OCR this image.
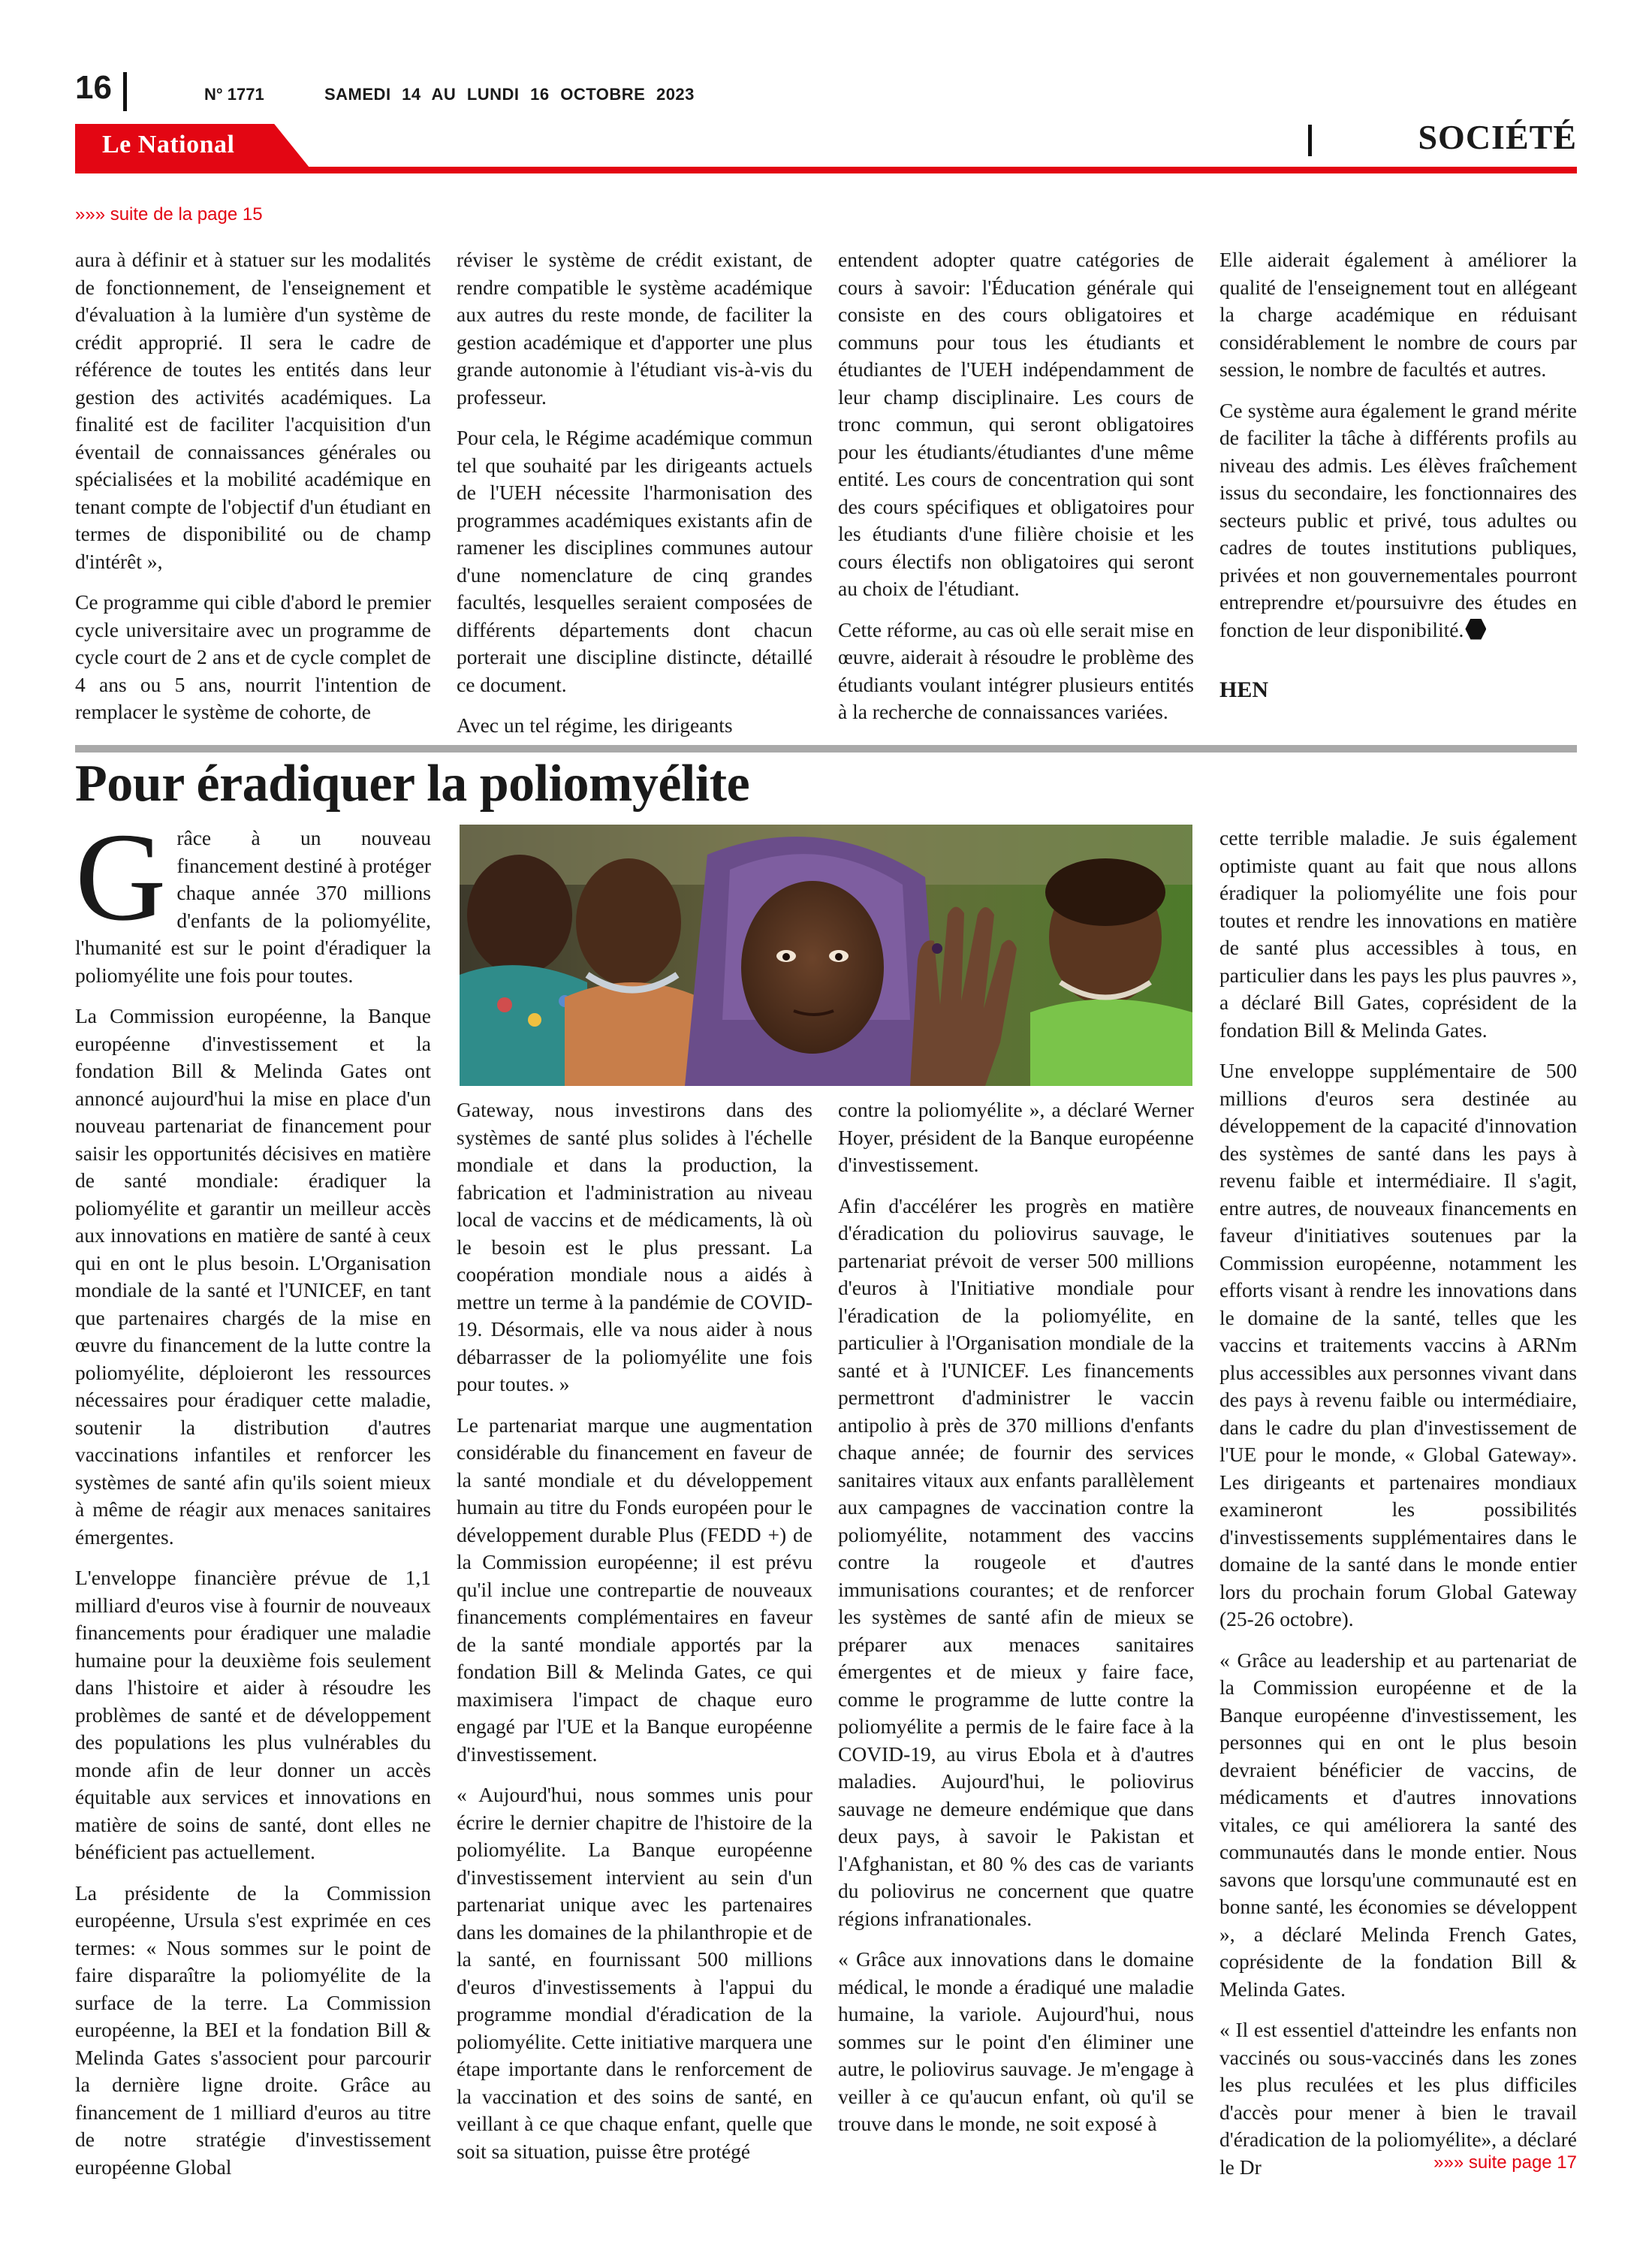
16	N° 1771	SAMEDI 14 AU LUNDI 16 OCTOBRE 2023
Le National	SOCIÉTÉ
»»» suite de la page 15

aura à définir et à statuer sur les modalités de fonctionnement, de l'enseignement et d'évaluation à la lumière d'un système de crédit approprié. Il sera le cadre de référence de toutes les entités dans leur gestion des activités académiques. La finalité est de faciliter l'acquisition d'un éventail de connaissances générales ou spécialisées et la mobilité académique en tenant compte de l'objectif d'un étudiant en termes de disponibilité ou de champ d'intérêt »,

Ce programme qui cible d'abord le premier cycle universitaire avec un programme de cycle court de 2 ans et de cycle complet de 4 ans ou 5 ans, nourrit l'intention de remplacer le système de cohorte, de

réviser le système de crédit existant, de rendre compatible le système académique aux autres du reste monde, de faciliter la gestion académique et d'apporter une plus grande autonomie à l'étudiant vis-à-vis du professeur.

Pour cela, le Régime académique commun tel que souhaité par les dirigeants actuels de l'UEH nécessite l'harmonisation des programmes académiques existants afin de ramener les disciplines communes autour d'une nomenclature de cinq grandes facultés, lesquelles seraient composées de différents départements dont chacun porterait une discipline distincte, détaillé ce document.

Avec un tel régime, les dirigeants

entendent adopter quatre catégories de cours à savoir: l'Éducation générale qui consiste en des cours obligatoires et communs pour tous les étudiants et étudiantes de l'UEH indépendamment de leur champ disciplinaire. Les cours de tronc commun, qui seront obligatoires pour les étudiants/étudiantes d'une même entité. Les cours de concentration qui sont des cours spécifiques et obligatoires pour les étudiants d'une filière choisie et les cours électifs non obligatoires qui seront au choix de l'étudiant.

Cette réforme, au cas où elle serait mise en œuvre, aiderait à résoudre le problème des étudiants voulant intégrer plusieurs entités à la recherche de connaissances variées.

Elle aiderait également à améliorer la qualité de l'enseignement tout en allégeant la charge académique en réduisant considérablement le nombre de cours par session, le nombre de facultés et autres.

Ce système aura également le grand mérite de faciliter la tâche à différents profils au niveau des admis. Les élèves fraîchement issus du secondaire, les fonctionnaires des secteurs public et privé, tous adultes ou cadres de toutes institutions publiques, privées et non gouvernementales pourront entreprendre et/poursuivre des études en fonction de leur disponibilité.

HEN
Pour éradiquer la poliomyélite

Grâce à un nouveau financement destiné à protéger chaque année 370 millions d'enfants de la poliomyélite, l'humanité est sur le point d'éradiquer la poliomyélite une fois pour toutes.

La Commission européenne, la Banque européenne d'investissement et la fondation Bill & Melinda Gates ont annoncé aujourd'hui la mise en place d'un nouveau partenariat de financement pour saisir les opportunités décisives en matière de santé mondiale: éradiquer la poliomyélite et garantir un meilleur accès aux innovations en matière de santé à ceux qui en ont le plus besoin. L'Organisation mondiale de la santé et l'UNICEF, en tant que partenaires chargés de la mise en œuvre du financement de la lutte contre la poliomyélite, déploieront les ressources nécessaires pour éradiquer cette maladie, soutenir la distribution d'autres vaccinations infantiles et renforcer les systèmes de santé afin qu'ils soient mieux à même de réagir aux menaces sanitaires émergentes.

L'enveloppe financière prévue de 1,1 milliard d'euros vise à fournir de nouveaux financements pour éradiquer une maladie humaine pour la deuxième fois seulement dans l'histoire et aider à résoudre les problèmes de santé et de développement des populations les plus vulnérables du monde afin de leur donner un accès équitable aux services et innovations en matière de soins de santé, dont elles ne bénéficient pas actuellement.

La présidente de la Commission européenne, Ursula s'est exprimée en ces termes: « Nous sommes sur le point de faire disparaître la poliomyélite de la surface de la terre. La Commission européenne, la BEI et la fondation Bill & Melinda Gates s'associent pour parcourir la dernière ligne droite. Grâce au financement de 1 milliard d'euros au titre de notre stratégie d'investissement européenne Global

Gateway, nous investirons dans des systèmes de santé plus solides à l'échelle mondiale et dans la production, la fabrication et l'administration au niveau local de vaccins et de médicaments, là où le besoin est le plus pressant. La coopération mondiale nous a aidés à mettre un terme à la pandémie de COVID-19. Désormais, elle va nous aider à nous débarrasser de la poliomyélite une fois pour toutes. »

Le partenariat marque une augmentation considérable du financement en faveur de la santé mondiale et du développement humain au titre du Fonds européen pour le développement durable Plus (FEDD +) de la Commission européenne; il est prévu qu'il inclue une contrepartie de nouveaux financements complémentaires en faveur de la santé mondiale apportés par la fondation Bill & Melinda Gates, ce qui maximisera l'impact de chaque euro engagé par l'UE et la Banque européenne d'investissement.

« Aujourd'hui, nous sommes unis pour écrire le dernier chapitre de l'histoire de la poliomyélite. La Banque européenne d'investissement intervient au sein d'un partenariat unique avec les partenaires dans les domaines de la philanthropie et de la santé, en fournissant 500 millions d'euros d'investissements à l'appui du programme mondial d'éradication de la poliomyélite. Cette initiative marquera une étape importante dans le renforcement de la vaccination et des soins de santé, en veillant à ce que chaque enfant, quelle que soit sa situation, puisse être protégé

contre la poliomyélite », a déclaré Werner Hoyer, président de la Banque européenne d'investissement.

Afin d'accélérer les progrès en matière d'éradication du poliovirus sauvage, le partenariat prévoit de verser 500 millions d'euros à l'Initiative mondiale pour l'éradication de la poliomyélite, en particulier à l'Organisation mondiale de la santé et à l'UNICEF. Les financements permettront d'administrer le vaccin antipolio à près de 370 millions d'enfants chaque année; de fournir des services sanitaires vitaux aux enfants parallèlement aux campagnes de vaccination contre la poliomyélite, notamment des vaccins contre la rougeole et d'autres immunisations courantes; et de renforcer les systèmes de santé afin de mieux se préparer aux menaces sanitaires émergentes et de mieux y faire face, comme le programme de lutte contre la poliomyélite a permis de le faire face à la COVID-19, au virus Ebola et à d'autres maladies. Aujourd'hui, le poliovirus sauvage ne demeure endémique que dans deux pays, à savoir le Pakistan et l'Afghanistan, et 80 % des cas de variants du poliovirus ne concernent que quatre régions infranationales.

« Grâce aux innovations dans le domaine médical, le monde a éradiqué une maladie humaine, la variole. Aujourd'hui, nous sommes sur le point d'en éliminer une autre, le poliovirus sauvage. Je m'engage à veiller à ce qu'aucun enfant, où qu'il se trouve dans le monde, ne soit exposé à

cette terrible maladie. Je suis également optimiste quant au fait que nous allons éradiquer la poliomyélite une fois pour toutes et rendre les innovations en matière de santé plus accessibles à tous, en particulier dans les pays les plus pauvres », a déclaré Bill Gates, coprésident de la fondation Bill & Melinda Gates.

Une enveloppe supplémentaire de 500 millions d'euros sera destinée au développement de la capacité d'innovation des systèmes de santé dans les pays à revenu faible et intermédiaire. Il s'agit, entre autres, de nouveaux financements en faveur d'initiatives soutenues par la Commission européenne, notamment les efforts visant à rendre les innovations dans le domaine de la santé, telles que les vaccins et traitements vaccins à ARNm plus accessibles aux personnes vivant dans des pays à revenu faible ou intermédiaire, dans le cadre du plan d'investissement de l'UE pour le monde, « Global Gateway». Les dirigeants et partenaires mondiaux examineront les possibilités d'investissements supplémentaires dans le domaine de la santé dans le monde entier lors du prochain forum Global Gateway (25-26 octobre).

« Grâce au leadership et au partenariat de la Commission européenne et de la Banque européenne d'investissement, les personnes qui en ont le plus besoin devraient bénéficier de vaccins, de médicaments et d'autres innovations vitales, ce qui améliorera la santé des communautés dans le monde entier. Nous savons que lorsqu'une communauté est en bonne santé, les économies se développent », a déclaré Melinda French Gates, coprésidente de la fondation Bill & Melinda Gates.

« Il est essentiel d'atteindre les enfants non vaccinés ou sous-vaccinés dans les zones les plus reculées et les plus difficiles d'accès pour mener à bien le travail d'éradication de la poliomyélite», a déclaré le Dr	»»» suite page 17
